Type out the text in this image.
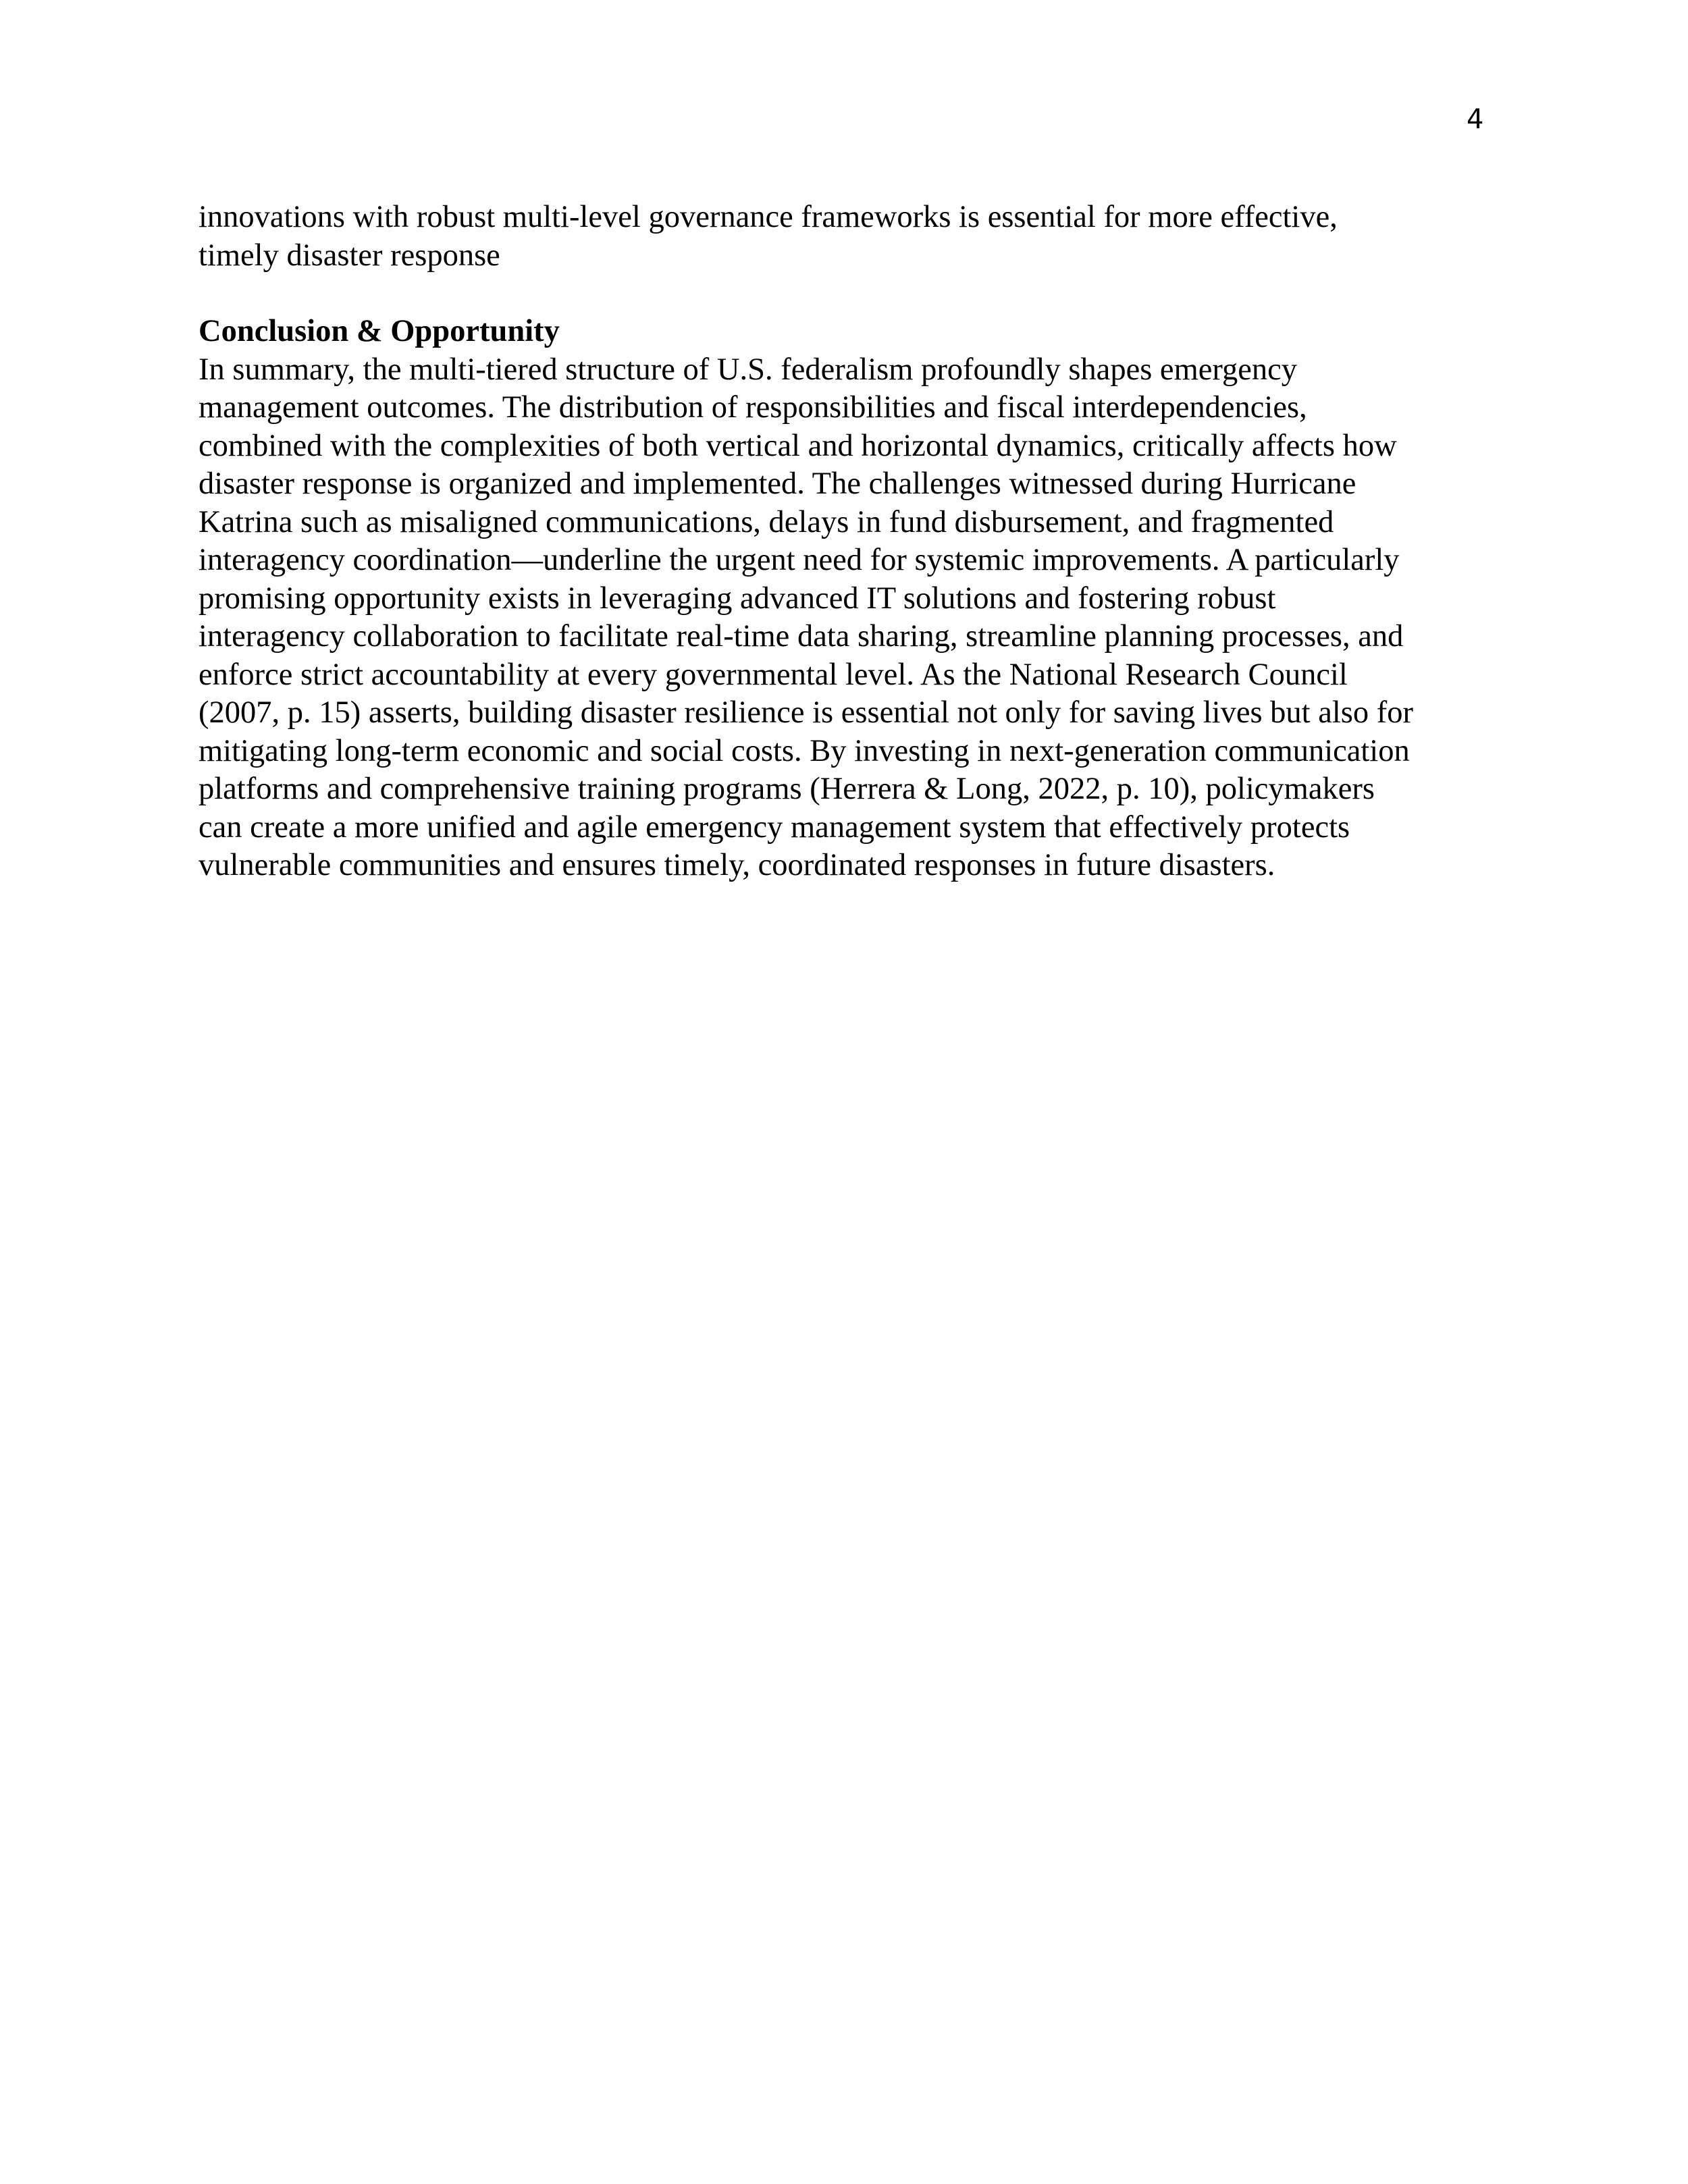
4
innovations with robust multi-level governance frameworks is essential for more effective,
timely disaster response
Conclusion & Opportunity
In summary, the multi-tiered structure of U.S. federalism profoundly shapes emergency
management outcomes. The distribution of responsibilities and fiscal interdependencies,
combined with the complexities of both vertical and horizontal dynamics, critically affects how
disaster response is organized and implemented. The challenges witnessed during Hurricane
Katrina such as misaligned communications, delays in fund disbursement, and fragmented
interagency coordination—underline the urgent need for systemic improvements. A particularly
promising opportunity exists in leveraging advanced IT solutions and fostering robust
interagency collaboration to facilitate real-time data sharing, streamline planning processes, and
enforce strict accountability at every governmental level. As the National Research Council
(2007, p. 15) asserts, building disaster resilience is essential not only for saving lives but also for
mitigating long-term economic and social costs. By investing in next-generation communication
platforms and comprehensive training programs (Herrera & Long, 2022, p. 10), policymakers
can create a more unified and agile emergency management system that effectively protects
vulnerable communities and ensures timely, coordinated responses in future disasters.
